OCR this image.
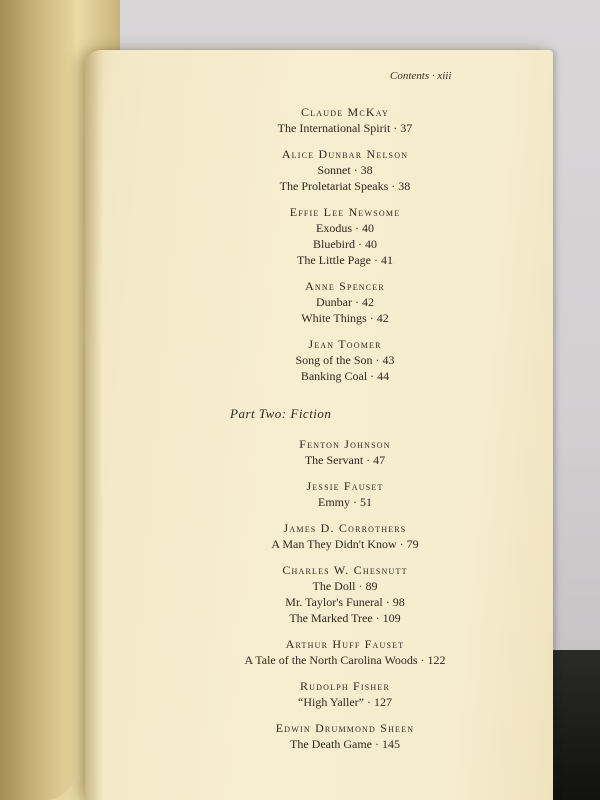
Contents · xiii
Claude McKay
The International Spirit · 37
Alice Dunbar Nelson
Sonnet · 38
The Proletariat Speaks · 38
Effie Lee Newsome
Exodus · 40
Bluebird · 40
The Little Page · 41
Anne Spencer
Dunbar · 42
White Things · 42
Jean Toomer
Song of the Son · 43
Banking Coal · 44
Part Two: Fiction
Fenton Johnson
The Servant · 47
Jessie Fauset
Emmy · 51
James D. Corrothers
A Man They Didn't Know · 79
Charles W. Chesnutt
The Doll · 89
Mr. Taylor's Funeral · 98
The Marked Tree · 109
Arthur Huff Fauset
A Tale of the North Carolina Woods · 122
Rudolph Fisher
“High Yaller” · 127
Edwin Drummond Sheen
The Death Game · 145
